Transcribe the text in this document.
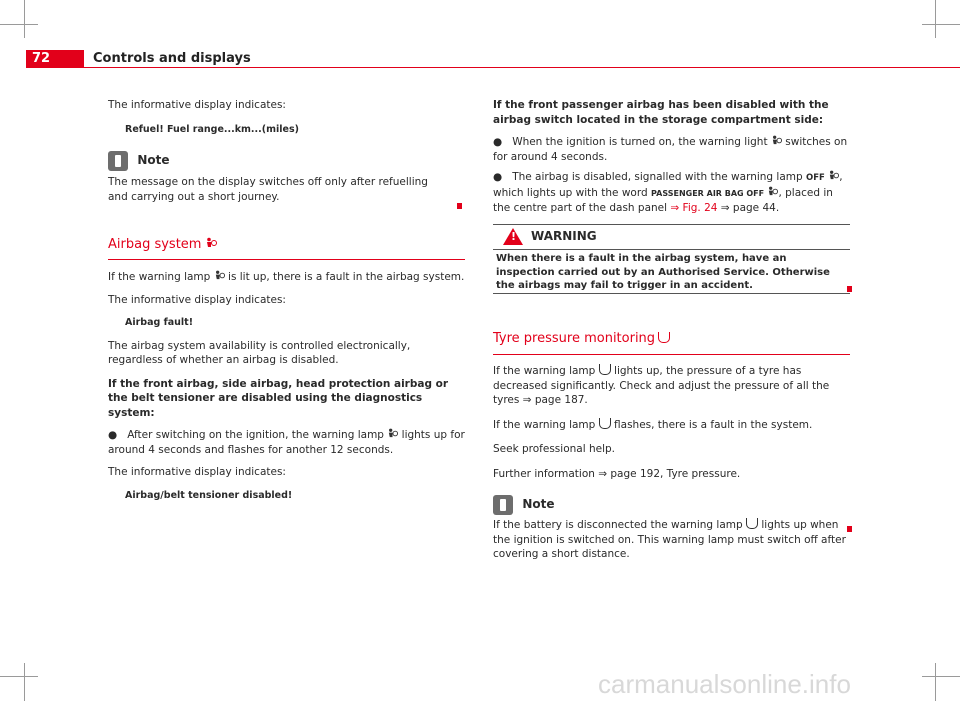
72	Controls and displays

The informative display indicates:

Refuel! Fuel range...km...(miles)

Note

The message on the display switches off only after refuelling and carrying out a short journey.

Airbag system

If the warning lamp is lit up, there is a fault in the airbag system.

The informative display indicates:

Airbag fault!

The airbag system availability is controlled electronically, regardless of whether an airbag is disabled.

If the front airbag, side airbag, head protection airbag or the belt tensioner are disabled using the diagnostics system:

●   After switching on the ignition, the warning lamp lights up for around 4 seconds and flashes for another 12 seconds.

The informative display indicates:

Airbag/belt tensioner disabled!

If the front passenger airbag has been disabled with the airbag switch located in the storage compartment side:

●   When the ignition is turned on, the warning light switches on for around 4 seconds.

●   The airbag is disabled, signalled with the warning lamp OFF , which lights up with the word PASSENGER AIR BAG OFF , placed in the centre part of the dash panel ⇒ Fig. 24 ⇒ page 44.

! WARNING

When there is a fault in the airbag system, have an inspection carried out by an Authorised Service. Otherwise the airbags may fail to trigger in an accident.

Tyre pressure monitoring

If the warning lamp lights up, the pressure of a tyre has decreased significantly. Check and adjust the pressure of all the tyres ⇒ page 187.

If the warning lamp flashes, there is a fault in the system.

Seek professional help.

Further information ⇒ page 192, Tyre pressure.

Note

If the battery is disconnected the warning lamp lights up when the ignition is switched on. This warning lamp must switch off after covering a short distance.

carmanualsonline.info
